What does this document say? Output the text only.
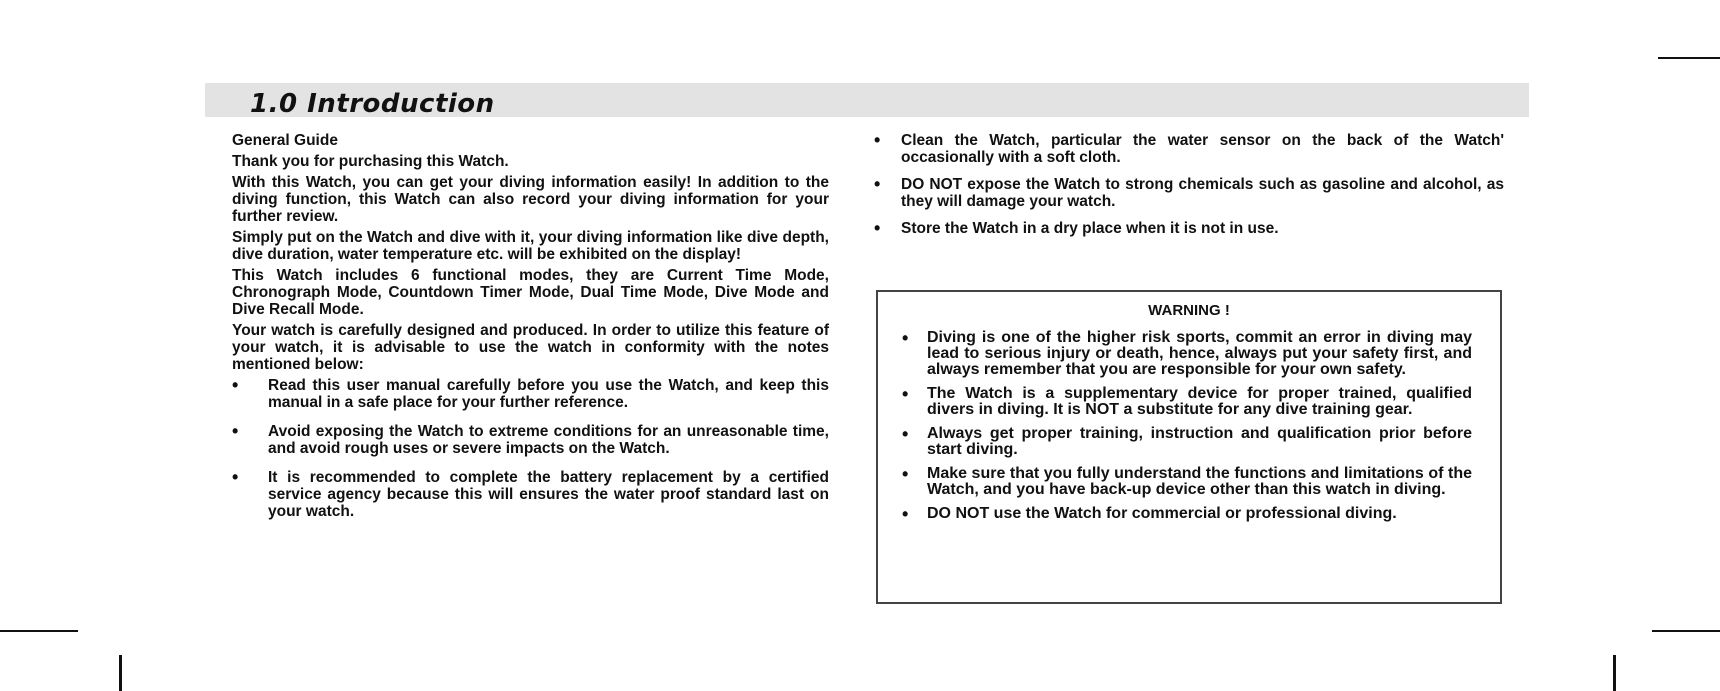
1.0 Introduction

General Guide

Thank you for purchasing this Watch.

With this Watch, you can get your diving information easily! In addition to the diving function, this Watch can also record your diving information for your further review.

Simply put on the Watch and dive with it, your diving information like dive depth, dive duration, water temperature etc. will be exhibited on the display!

This Watch includes 6 functional modes, they are Current Time Mode, Chronograph Mode, Countdown Timer Mode, Dual Time Mode, Dive Mode and Dive Recall Mode.

Your watch is carefully designed and produced. In order to utilize this feature of your watch, it is advisable to use the watch in conformity with the notes mentioned below:

• Read this user manual carefully before you use the Watch, and keep this manual in a safe place for your further reference.
• Avoid exposing the Watch to extreme conditions for an unreasonable time, and avoid rough uses or severe impacts on the Watch.
• It is recommended to complete the battery replacement by a certified service agency because this will ensures the water proof standard last on your watch.
• Clean the Watch, particular the water sensor on the back of the Watch' occasionally with a soft cloth.
• DO NOT expose the Watch to strong chemicals such as gasoline and alcohol, as they will damage your watch.
• Store the Watch in a dry place when it is not in use.
WARNING !
• Diving is one of the higher risk sports, commit an error in diving may lead to serious injury or death, hence, always put your safety first, and always remember that you are responsible for your own safety.
• The Watch is a supplementary device for proper trained, qualified divers in diving. It is NOT a substitute for any dive training gear.
• Always get proper training, instruction and qualification prior before start diving.
• Make sure that you fully understand the functions and limitations of the Watch, and you have back-up device other than this watch in diving.
• DO NOT use the Watch for commercial or professional diving.
